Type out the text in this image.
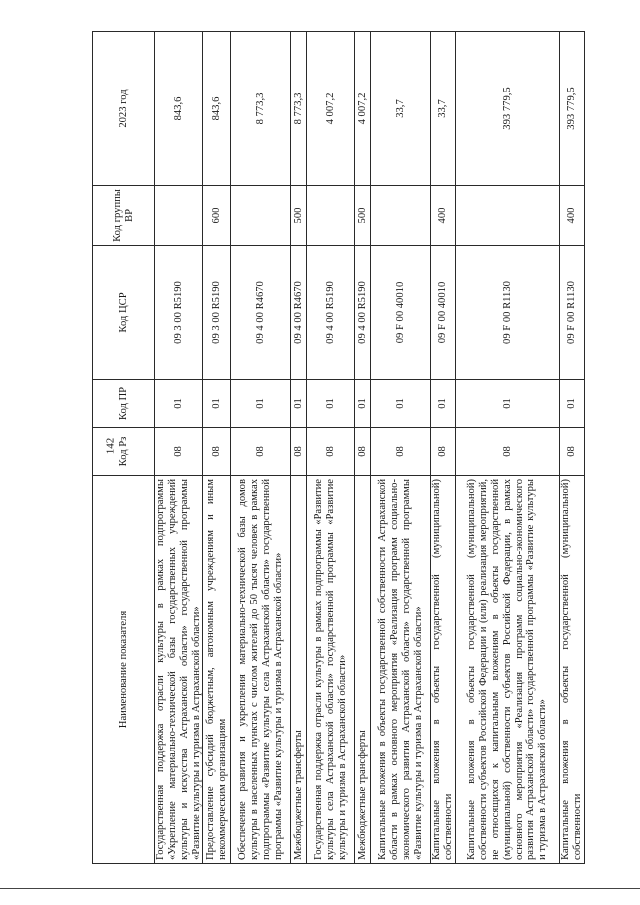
142
Наименование показателя	Код Рз	Код ПР	Код ЦСР	Код группы ВР	2023 год
Государственная поддержка отрасли культуры в рамках подпрограммы «Укрепление материально-технической базы государственных учреждений культуры и искусства Астраханской области» государственной программы «Развитие культуры и туризма в Астраханской области»	08	01	09 3 00 R5190		843,6
Предоставление субсидий бюджетным, автономным учреждениям и иным некоммерческим организациям	08	01	09 3 00 R5190	600	843,6
Обеспечение развития и укрепления материально-технической базы домов культуры в населенных пунктах с числом жителей до 50 тысяч человек в рамках подпрограммы «Развитие культуры села Астраханской области» государственной программы «Развитие культуры и туризма в Астраханской области»	08	01	09 4 00 R4670		8 773,3
Межбюджетные трансферты	08	01	09 4 00 R4670	500	8 773,3
Государственная поддержка отрасли культуры в рамках подпрограммы «Развитие культуры села Астраханской области» государственной программы «Развитие культуры и туризма в Астраханской области»	08	01	09 4 00 R5190		4 007,2
Межбюджетные трансферты	08	01	09 4 00 R5190	500	4 007,2
Капитальные вложения в объекты государственной собственности Астраханской области в рамках основного мероприятия «Реализация программ социально-экономического развития Астраханской области» государственной программы «Развитие культуры и туризма в Астраханской области»	08	01	09 F 00 40010		33,7
Капитальные вложения в объекты государственной (муниципальной) собственности	08	01	09 F 00 40010	400	33,7
Капитальные вложения в объекты государственной (муниципальной) собственности субъектов Российской Федерации и (или) реализация мероприятий, не относящихся к капитальным вложениям в объекты государственной (муниципальной) собственности субъектов Российской Федерации, в рамках основного мероприятия «Реализация программ социально-экономического развития Астраханской области» государственной программы «Развитие культуры и туризма в Астраханской области»	08	01	09 F 00 R1130		393 779,5
Капитальные вложения в объекты государственной (муниципальной) собственности	08	01	09 F 00 R1130	400	393 779,5
